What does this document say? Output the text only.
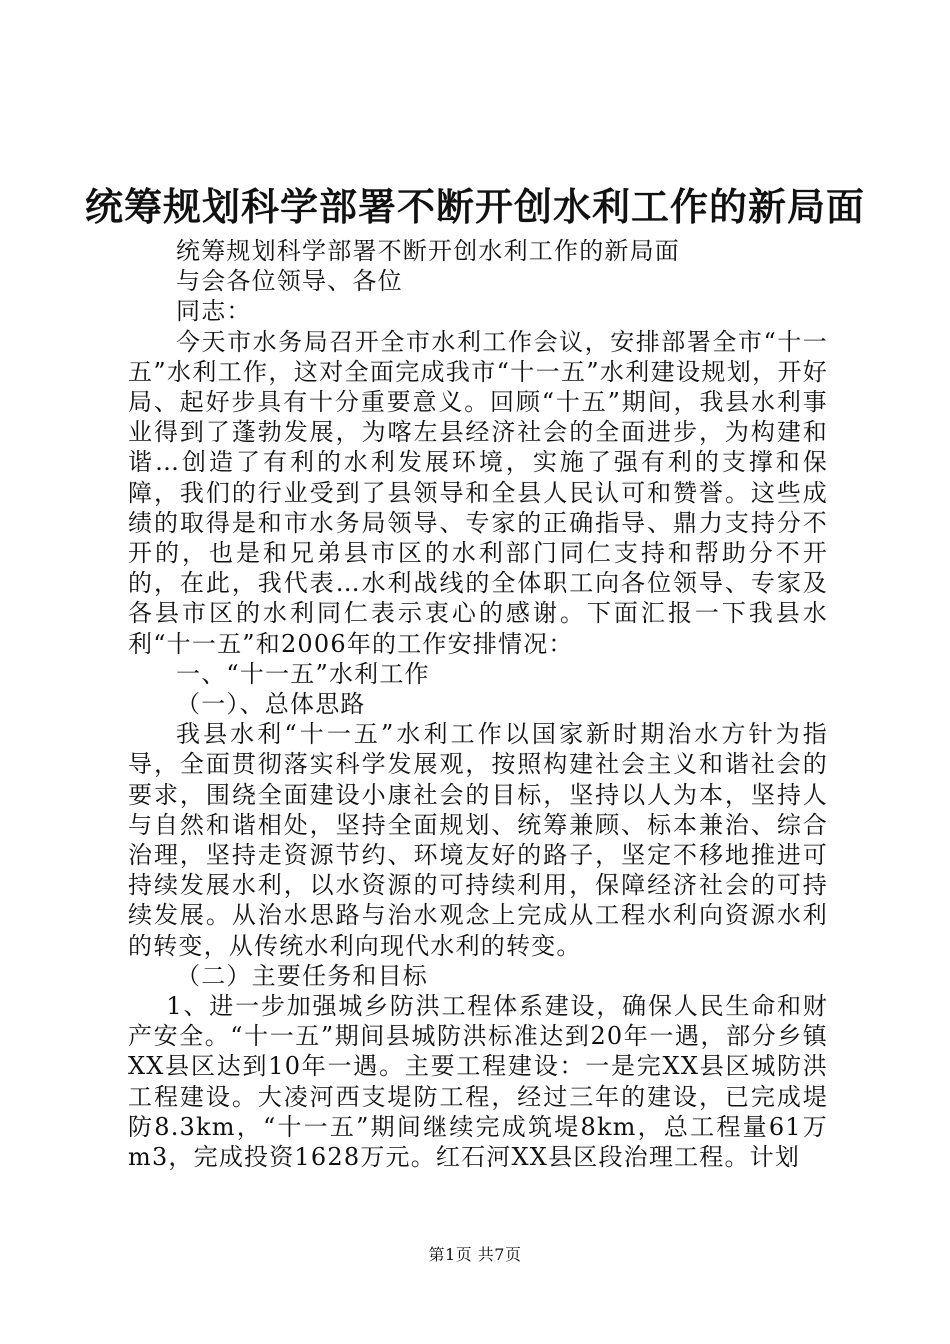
统筹规划科学部署不断开创水利工作的新局面

统筹规划科学部署不断开创水利工作的新局面

与会各位领导、各位

同志：

今天市水务局召开全市水利工作会议，安排部署全市“十一五”水利工作，这对全面完成我市“十一五”水利建设规划，开好局、起好步具有十分重要意义。回顾“十五”期间，我县水利事业得到了蓬勃发展，为喀左县经济社会的全面进步，为构建和谐…创造了有利的水利发展环境，实施了强有利的支撑和保障，我们的行业受到了县领导和全县人民认可和赞誉。这些成绩的取得是和市水务局领导、专家的正确指导、鼎力支持分不开的，也是和兄弟县市区的水利部门同仁支持和帮助分不开的，在此，我代表…水利战线的全体职工向各位领导、专家及各县市区的水利同仁表示衷心的感谢。下面汇报一下我县水利“十一五”和2006年的工作安排情况：

一、“十一五”水利工作

（一）、总体思路

我县水利“十一五”水利工作以国家新时期治水方针为指导，全面贯彻落实科学发展观，按照构建社会主义和谐社会的要求，围绕全面建设小康社会的目标，坚持以人为本，坚持人与自然和谐相处，坚持全面规划、统筹兼顾、标本兼治、综合治理，坚持走资源节约、环境友好的路子，坚定不移地推进可持续发展水利，以水资源的可持续利用，保障经济社会的可持续发展。从治水思路与治水观念上完成从工程水利向资源水利的转变，从传统水利向现代水利的转变。

（二）主要任务和目标

1、进一步加强城乡防洪工程体系建设，确保人民生命和财产安全。“十一五”期间县城防洪标准达到20年一遇，部分乡镇XX县区达到10年一遇。主要工程建设：一是完XX县区城防洪工程建设。大凌河西支堤防工程，经过三年的建设，已完成堤防8.3km，“十一五”期间继续完成筑堤8km，总工程量61万m3，完成投资1628万元。红石河XX县区段治理工程。计划

第1页 共7页
